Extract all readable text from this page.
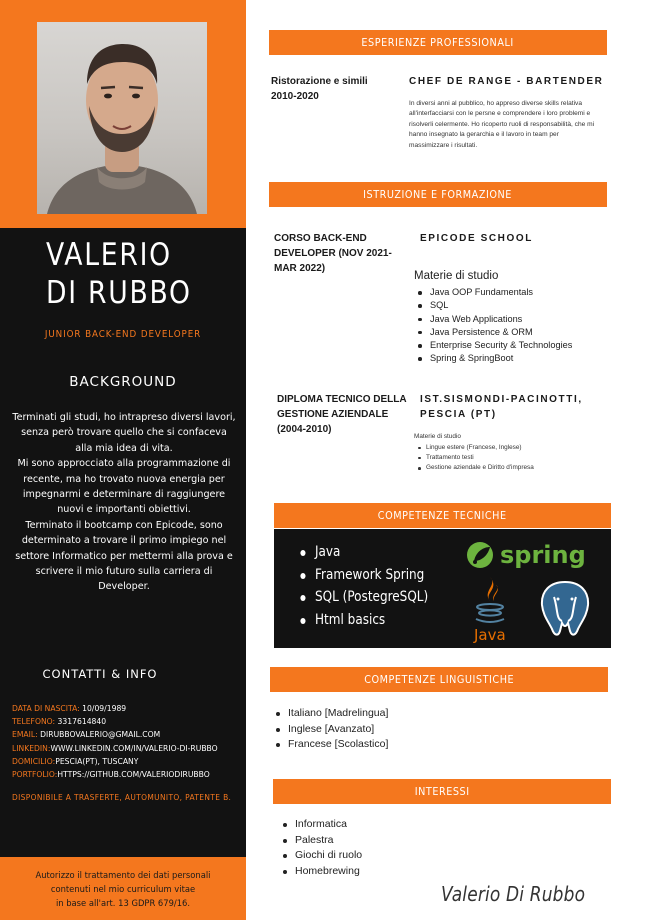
VALERIO
DI RUBBO
JUNIOR BACK-END DEVELOPER
BACKGROUND

Terminati gli studi, ho intrapreso diversi lavori, senza però trovare quello che si confaceva alla mia idea di vita.

Mi sono approcciato alla programmazione di recente, ma ho trovato nuova energia per impegnarmi e determinare di raggiungere nuovi e importanti obiettivi.

Terminato il bootcamp con Epicode, sono determinato a trovare il primo impiego nel settore Informatico per mettermi alla prova e scrivere il mio futuro sulla carriera di Developer.

CONTATTI & INFO
DATA DI NASCITA: 10/09/1989
TELEFONO: 3317614840
EMAIL: DIRUBBOVALERIO@GMAIL.COM
LINKEDIN:WWW.LINKEDIN.COM/IN/VALERIO-DI-RUBBO
DOMICILIO:PESCIA(PT), TUSCANY
PORTFOLIO:HTTPS://GITHUB.COM/VALERIODIRUBBO
DISPONIBILE A TRASFERTE, AUTOMUNITO, PATENTE B.
Autorizzo il trattamento dei dati personali
contenuti nel mio curriculum vitae
in base all'art. 13 GDPR 679/16.
ESPERIENZE PROFESSIONALI
Ristorazione e simili
2010-2020
CHEF DE RANGE - BARTENDER
In diversi anni al pubblico, ho appreso diverse skills relativa all'interfacciarsi con le persne e comprendere i loro problemi e risolverli celermente. Ho ricoperto ruoli di responsabilità, che mi hanno insegnato la gerarchia e il lavoro in team per massimizzare i risultati.
ISTRUZIONE E FORMAZIONE
CORSO BACK-END DEVELOPER (NOV 2021-MAR 2022)
EPICODE SCHOOL
Materie di studio
Java OOP Fundamentals
SQL
Java Web Applications
Java Persistence & ORM
Enterprise Security & Technologies
Spring & SpringBoot
DIPLOMA TECNICO DELLA GESTIONE AZIENDALE (2004-2010)
IST.SISMONDI-PACINOTTI, PESCIA (PT)
Materie di studio
Lingue estere (Francese, Inglese)
Trattamento testi
Gestione aziendale e Diritto d'impresa
COMPETENZE TECNICHE
spring
Java
Java
Framework Spring
SQL (PostegreSQL)
Html basics
COMPETENZE LINGUISTICHE
Italiano [Madrelingua]
Inglese [Avanzato]
Francese [Scolastico]
INTERESSI
Informatica
Palestra
Giochi di ruolo
Homebrewing
Valerio Di Rubbo
